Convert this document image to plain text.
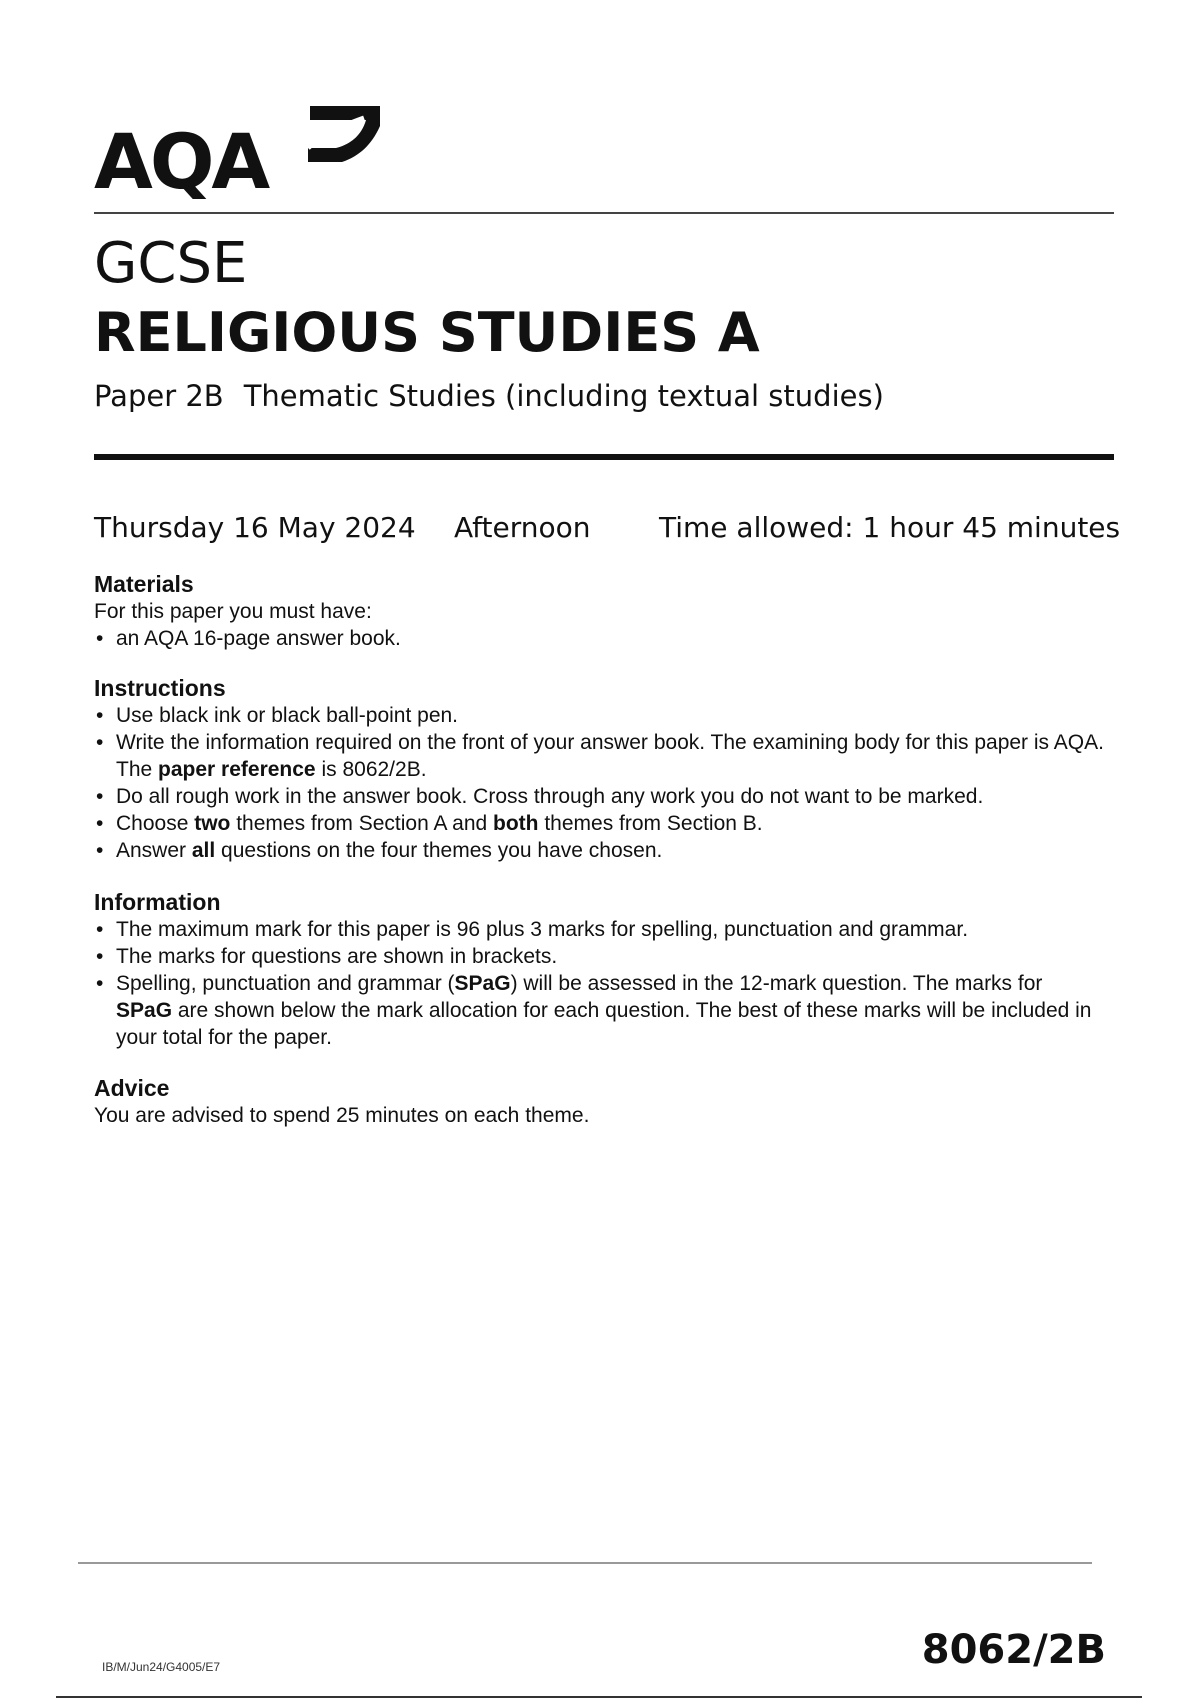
AQA
GCSE
RELIGIOUS STUDIES A
Paper 2B Thematic Studies (including textual studies)
Thursday 16 May 2024 Afternoon Time allowed: 1 hour 45 minutes
Materials

For this paper you must have:

• an AQA 16-page answer book.
Instructions
• Use black ink or black ball-point pen.
• Write the information required on the front of your answer book. The examining body for this paper is AQA. The paper reference is 8062/2B.
• Do all rough work in the answer book. Cross through any work you do not want to be marked.
• Choose two themes from Section A and both themes from Section B.
• Answer all questions on the four themes you have chosen.
Information
• The maximum mark for this paper is 96 plus 3 marks for spelling, punctuation and grammar.
• The marks for questions are shown in brackets.
• Spelling, punctuation and grammar (SPaG) will be assessed in the 12-mark question. The marks for SPaG are shown below the mark allocation for each question. The best of these marks will be included in your total for the paper.
Advice

You are advised to spend 25 minutes on each theme.

IB/M/Jun24/G4005/E7	8062/2B
